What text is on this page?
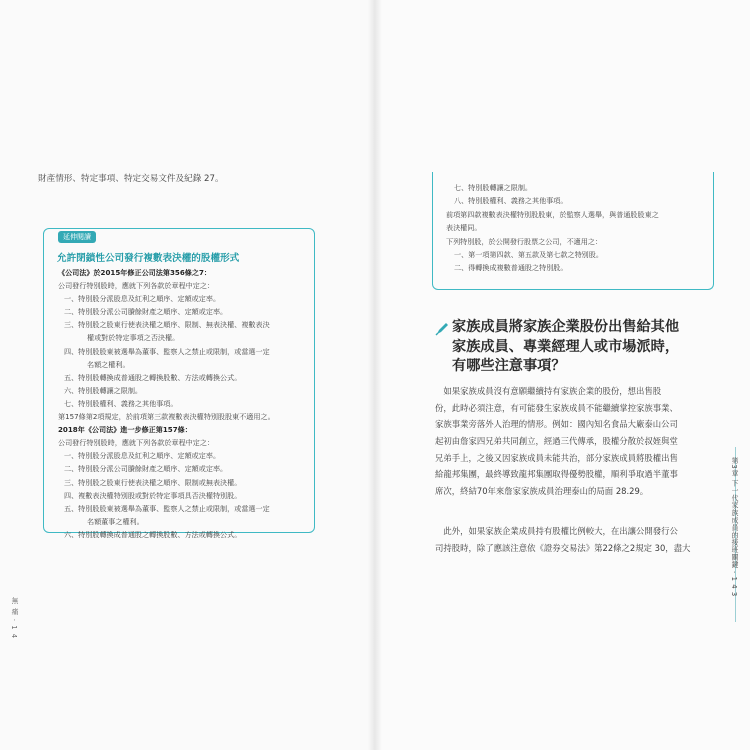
財產情形、特定事項、特定交易文件及紀錄 27。
延伸閱讀
允許閉鎖性公司發行複數表決權的股權形式
《公司法》於2015年修正公司法第356條之7：
公司發行特別股時，應就下列各款於章程中定之：
一、特別股分派股息及紅利之順序、定額或定率。
二、特別股分派公司賸餘財產之順序、定額或定率。
三、特別股之股東行使表決權之順序、限制、無表決權、複數表決
權或對於特定事項之否決權。
四、特別股股東被選舉為董事、監察人之禁止或限制，或當選一定
名額之權利。
五、特別股轉換成普通股之轉換股數、方法或轉換公式。
六、特別股轉讓之限制。
七、特別股權利、義務之其他事項。
第157條第2項規定，於前項第三款複數表決權特別股股東不適用之。
2018年《公司法》進一步修正第157條：
公司發行特別股時，應就下列各款於章程中定之：
一、特別股分派股息及紅利之順序、定額或定率。
二、特別股分派公司賸餘財產之順序、定額或定率。
三、特別股之股東行使表決權之順序、限制或無表決權。
四、複數表決權特別股或對於特定事項具否決權特別股。
五、特別股股東被選舉為董事、監察人之禁止或限制，或當選一定
名額董事之權利。
六、特別股轉換成普通股之轉換股數、方法或轉換公式。
無 痛 ‧ 1 4
七、特別股轉讓之限制。
八、特別股權利、義務之其他事項。
前項第四款複數表決權特別股股東，於監察人選舉，與普通股股東之
表決權同。
下列特別股，於公開發行股票之公司，不適用之：
一、第一項第四款、第五款及第七款之特別股。
二、得轉換成複數普通股之特別股。
家族成員將家族企業股份出售給其他
家族成員、專業經理人或市場派時，
有哪些注意事項？
　如果家族成員沒有意願繼續持有家族企業的股份，想出售股
份，此時必須注意，有可能發生家族成員不能繼續掌控家族事業、
家族事業旁落外人治理的情形。例如：國內知名食品大廠泰山公司
起初由詹家四兄弟共同創立，經過三代傳承，股權分散於叔姪與堂
兄弟手上，之後又因家族成員未能共治，部分家族成員將股權出售
給龍邦集團，最終導致龍邦集團取得優勢股權，順利爭取過半董事
席次，終結70年來詹家家族成員治理泰山的局面 28.29。
　此外，如果家族企業成員持有股權比例較大，在出讓公開發行公
司持股時，除了應該注意依《證券交易法》第22條之2規定 30，盡大	第3章 下一代家族成員的接班關鍵 ‧ 1 4 3
